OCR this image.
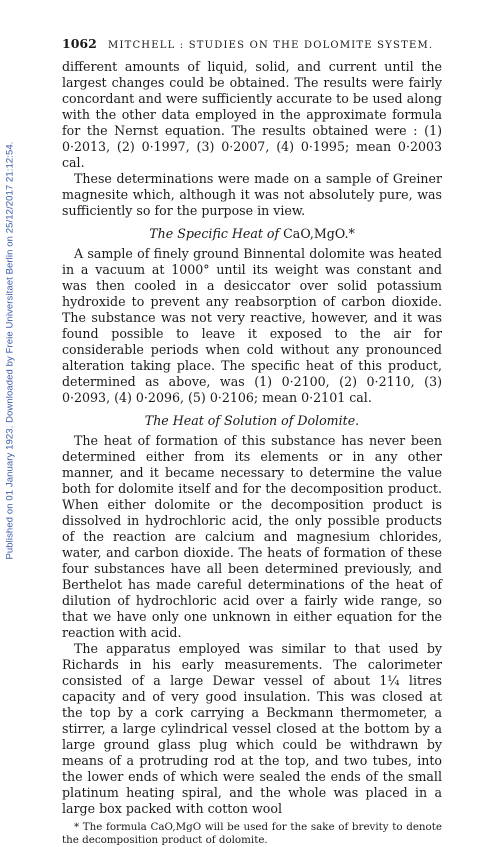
Published on 01 January 1923. Downloaded by Freie Universitaet Berlin on 25/12/2017 21:12:54.
1062	MITCHELL : STUDIES ON THE DOLOMITE SYSTEM.

different amounts of liquid, solid, and current until the largest changes could be obtained. The results were fairly concordant and were sufficiently accurate to be used along with the other data employed in the approximate formula for the Nernst equation. The results obtained were : (1) 0·2013, (2) 0·1997, (3) 0·2007, (4) 0·1995; mean 0·2003 cal.

These determinations were made on a sample of Greiner magnesite which, although it was not absolutely pure, was sufficiently so for the purpose in view.

The Specific Heat of CaO,MgO.*

A sample of finely ground Binnental dolomite was heated in a vacuum at 1000° until its weight was constant and was then cooled in a desiccator over solid potassium hydroxide to prevent any reabsorption of carbon dioxide. The substance was not very reactive, however, and it was found possible to leave it exposed to the air for considerable periods when cold without any pronounced alteration taking place. The specific heat of this product, determined as above, was (1) 0·2100, (2) 0·2110, (3) 0·2093, (4) 0·2096, (5) 0·2106; mean 0·2101 cal.

The Heat of Solution of Dolomite.

The heat of formation of this substance has never been determined either from its elements or in any other manner, and it became necessary to determine the value both for dolomite itself and for the decomposition product. When either dolomite or the decomposition product is dissolved in hydrochloric acid, the only possible products of the reaction are calcium and magnesium chlorides, water, and carbon dioxide. The heats of formation of these four substances have all been determined previously, and Berthelot has made careful determinations of the heat of dilution of hydrochloric acid over a fairly wide range, so that we have only one unknown in either equation for the reaction with acid.

The apparatus employed was similar to that used by Richards in his early measurements. The calorimeter consisted of a large Dewar vessel of about 1¼ litres capacity and of very good insulation. This was closed at the top by a cork carrying a Beckmann thermometer, a stirrer, a large cylindrical vessel closed at the bottom by a large ground glass plug which could be withdrawn by means of a protruding rod at the top, and two tubes, into the lower ends of which were sealed the ends of the small platinum heating spiral, and the whole was placed in a large box packed with cotton wool

* The formula CaO,MgO will be used for the sake of brevity to denote the decomposition product of dolomite.
